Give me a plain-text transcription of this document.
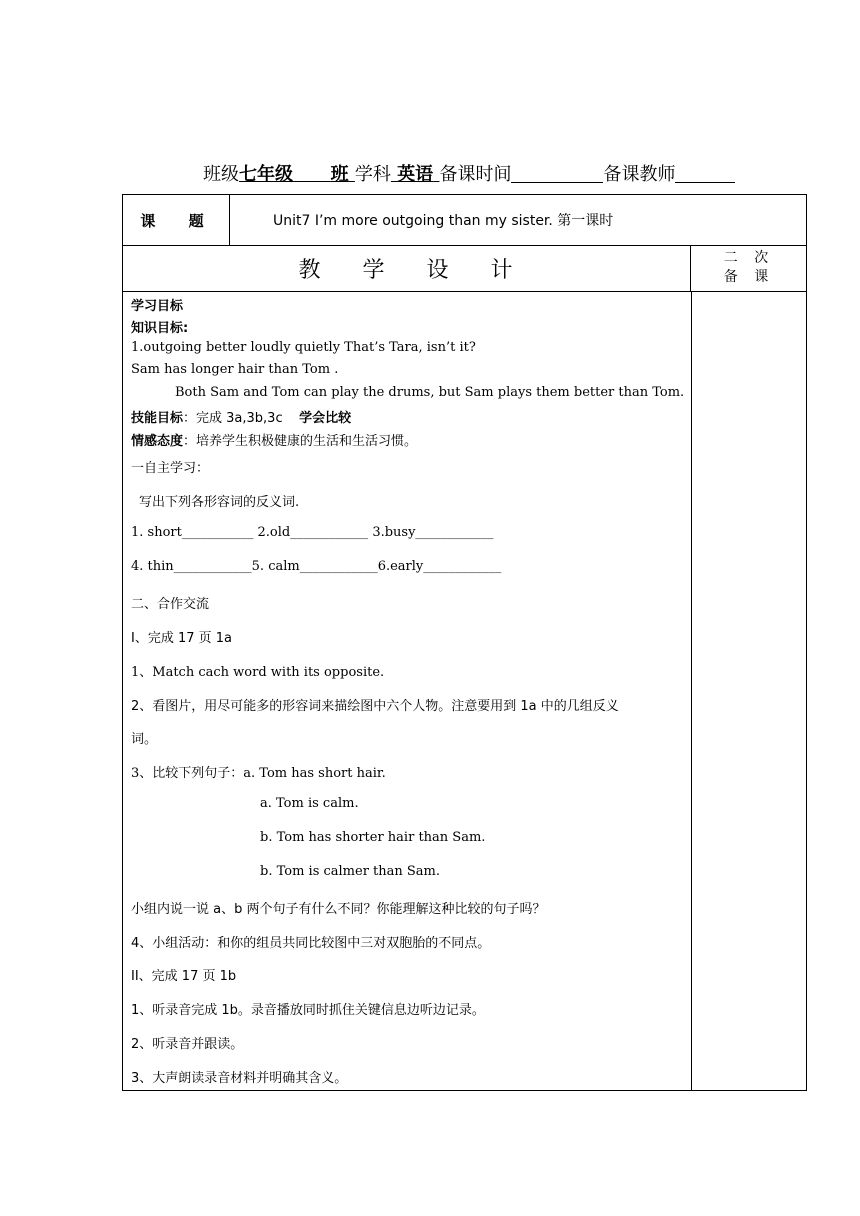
班级七年级 班 学科 英语 备课时间	备课教师
课 题	Unit7 I’m more outgoing than my sister. 第一课时
教学设计	二 次
备 课
学习目标
知识目标:
1.outgoing better loudly quietly That’s Tara, isn’t it?
Sam has longer hair than Tom .
Both Sam and Tom can play the drums, but Sam plays them better than Tom.
技能目标：完成 3a,3b,3c 学会比较
情感态度：培养学生积极健康的生活和生活习惯。
一自主学习：
写出下列各形容词的反义词.
1. short___________ 2.old____________ 3.busy____________
4. thin____________5. calm____________6.early____________
二、合作交流
I、完成 17 页 1a
1、Match cach word with its opposite.
2、看图片，用尽可能多的形容词来描绘图中六个人物。注意要用到 1a 中的几组反义
词。
3、比较下列句子：a. Tom has short hair.
a. Tom is calm.
b. Tom has shorter hair than Sam.
b. Tom is calmer than Sam.
小组内说一说 a、b 两个句子有什么不同？你能理解这种比较的句子吗？
4、小组活动：和你的组员共同比较图中三对双胞胎的不同点。
II、完成 17 页 1b
1、听录音完成 1b。录音播放同时抓住关键信息边听边记录。
2、听录音并跟读。
3、大声朗读录音材料并明确其含义。
